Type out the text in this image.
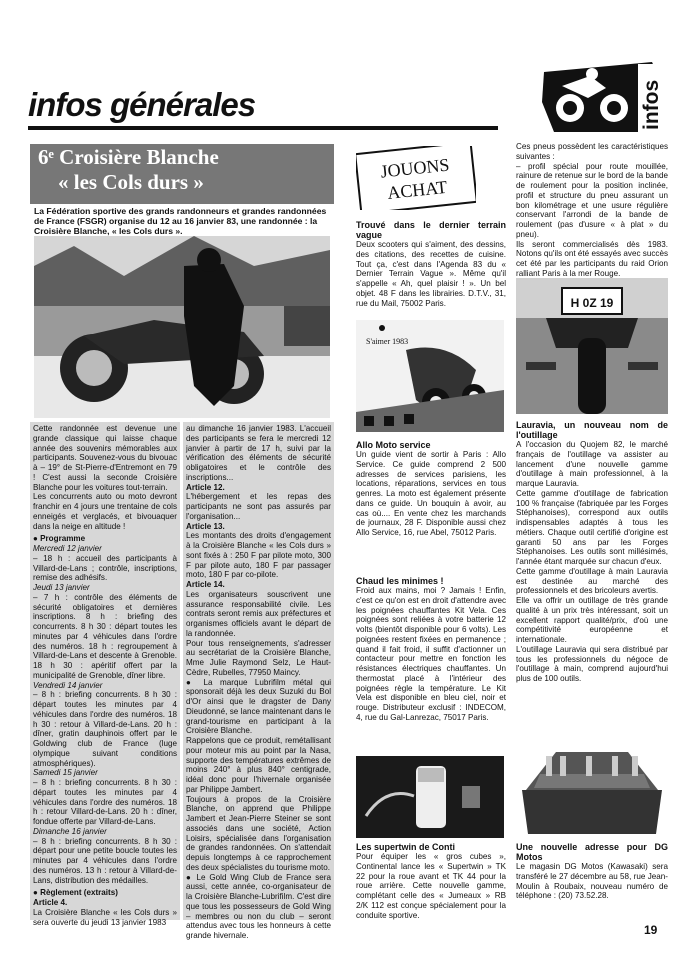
infos générales	infos
6ᵉ Croisière Blanche
« les Cols durs »
La Fédération sportive des grands randonneurs et grandes randonnées de France (FSGR) organise du 12 au 16 janvier 83, une randonnée : la Croisière Blanche, « les Cols durs ».

Cette randonnée est devenue une grande classique qui laisse chaque année des souvenirs mémorables aux participants. Souvenez-vous du bivouac à – 19° de St-Pierre-d'Entremont en 79 ! C'est aussi la seconde Croisière Blanche pour les voitures tout-terrain.

Les concurrents auto ou moto devront franchir en 4 jours une trentaine de cols enneigés et verglacés, et bivouaquer dans la neige en altitude !

● Programme

Mercredi 12 janvier

– 18 h : accueil des participants à Villard-de-Lans ; contrôle, inscriptions, remise des adhésifs.

Jeudi 13 janvier

– 7 h : contrôle des éléments de sécurité obligatoires et dernières inscriptions. 8 h : briefing des concurrents. 8 h 30 : départ toutes les minutes par 4 véhicules dans l'ordre des numéros. 18 h : regroupement à Villard-de-Lans et descente à Grenoble. 18 h 30 : apéritif offert par la municipalité de Grenoble, dîner libre.

Vendredi 14 janvier

– 8 h : briefing concurrents. 8 h 30 : départ toutes les minutes par 4 véhicules dans l'ordre des numéros. 18 h 30 : retour à Villard-de-Lans. 20 h : dîner, gratin dauphinois offert par le Goldwing club de France (luge olympique suivant conditions atmosphériques).

Samedi 15 janvier

– 8 h : briefing concurrents. 8 h 30 : départ toutes les minutes par 4 véhicules dans l'ordre des numéros. 18 h : retour Villard-de-Lans. 20 h : dîner, fondue offerte par Villard-de-Lans.

Dimanche 16 janvier

– 8 h : briefing concurrents. 8 h 30 : départ pour une petite boucle toutes les minutes par 4 véhicules dans l'ordre des numéros. 13 h : retour à Villard-de-Lans, distribution des médailles.

● Règlement (extraits)

Article 4.

La Croisière Blanche « les Cols durs » sera ouverte du jeudi 13 janvier 1983

au dimanche 16 janvier 1983. L'accueil des participants se fera le mercredi 12 janvier à partir de 17 h, suivi par la vérification des éléments de sécurité obligatoires et le contrôle des inscriptions...

Article 12.

L'hébergement et les repas des participants ne sont pas assurés par l'organisation...

Article 13.

Les montants des droits d'engagement à la Croisière Blanche « les Cols durs » sont fixés à : 250 F par pilote moto, 300 F par pilote auto, 180 F par passager moto, 180 F par co-pilote.

Article 14.

Les organisateurs souscrivent une assurance responsabilité civile. Les contrats seront remis aux préfectures et organismes officiels avant le départ de la randonnée.

Pour tous renseignements, s'adresser au secrétariat de la Croisière Blanche, Mme Julie Raymond Selz, Le Haut-Cèdre, Rubelles, 77950 Maincy.

● La marque Lubrifilm métal qui sponsorait déjà les deux Suzuki du Bol d'Or ainsi que le dragster de Dany Dieudonné, se lance maintenant dans le grand-tourisme en participant à la Croisière Blanche.

Rappelons que ce produit, remétallisant pour moteur mis au point par la Nasa, supporte des températures extrêmes de moins 240° à plus 840° centigrade, idéal donc pour l'hivernale organisée par Philippe Jambert.

Toujours à propos de la Croisière Blanche, on apprend que Philippe Jambert et Jean-Pierre Steiner se sont associés dans une société, Action Loisirs, spécialisée dans l'organisation de grandes randonnées. On s'attendait depuis longtemps à ce rapprochement des deux spécialistes du tourisme moto.

● Le Gold Wing Club de France sera aussi, cette année, co-organisateur de la Croisière Blanche-Lubrifilm. C'est dire que tous les possesseurs de Gold Wing – membres ou non du club – seront attendus avec tous les honneurs à cette grande hivernale.

JOUONS
ACHAT

Trouvé dans le dernier terrain vague

Deux scooters qui s'aiment, des dessins, des citations, des recettes de cuisine. Tout ça, c'est dans l'Agenda 83 du « Dernier Terrain Vague ». Même qu'il s'appelle « Ah, quel plaisir ! ». Un bel objet. 48 F dans les librairies. D.T.V., 31, rue du Mail, 75002 Paris.

S'aimer 1983

Allo Moto service

Un guide vient de sortir à Paris : Allo Service. Ce guide comprend 2 500 adresses de services parisiens, les locations, réparations, services en tous genres. La moto est également présente dans ce guide. Un bouquin à avoir, au cas où.... En vente chez les marchands de journaux, 28 F. Disponible aussi chez Allo Service, 16, rue Abel, 75012 Paris.

Chaud les minimes !

Froid aux mains, moi ? Jamais ! Enfin, c'est ce qu'on est en droit d'attendre avec les poignées chauffantes Kit Vela. Ces poignées sont reliées à votre batterie 12 volts (bientôt disponible pour 6 volts). Les poignées restent fixées en permanence ; quand il fait froid, il suffit d'actionner un contacteur pour mettre en fonction les résistances électriques chauffantes. Un thermostat placé à l'intérieur des poignées règle la température. Le Kit Vela est disponible en bleu ciel, noir et rouge. Distributeur exclusif : INDECOM, 4, rue du Gal-Lanrezac, 75017 Paris.

Les supertwin de Conti

Pour équiper les « gros cubes », Continental lance les « Supertwin » TK 22 pour la roue avant et TK 44 pour la roue arrière. Cette nouvelle gamme, complétant celle des « Jumeaux » RB 2/K 112 est conçue spécialement pour la conduite sportive.

Ces pneus possèdent les caractéristiques suivantes :

– profil spécial pour route mouillée, rainure de retenue sur le bord de la bande de roulement pour la position inclinée, profil et structure du pneu assurant un bon kilométrage et une usure régulière conservant l'arrondi de la bande de roulement (pas d'usure « à plat » du pneu).

Ils seront commercialisés dès 1983. Notons qu'ils ont été essayés avec succès cet été par les participants du raid Orion ralliant Paris à la mer Rouge.

H 0Z 19

Lauravia, un nouveau nom de l'outillage

A l'occasion du Quojem 82, le marché français de l'outillage va assister au lancement d'une nouvelle gamme d'outillage à main professionnel, à la marque Lauravia.

Cette gamme d'outillage de fabrication 100 % française (fabriquée par les Forges Stéphanoises), correspond aux outils indispensables adaptés à tous les métiers. Chaque outil certifié d'origine est garanti 50 ans par les Forges Stéphanoises. Les outils sont millésimés, l'année étant marquée sur chacun d'eux.

Cette gamme d'outillage à main Lauravia est destinée au marché des professionnels et des bricoleurs avertis.

Elle va offrir un outillage de très grande qualité à un prix très intéressant, soit un excellent rapport qualité/prix, d'où une compétitivité européenne et internationale.

L'outillage Lauravia qui sera distribué par tous les professionnels du négoce de l'outillage à main, comprend aujourd'hui plus de 100 outils.

Une nouvelle adresse pour DG Motos

Le magasin DG Motos (Kawasaki) sera transféré le 27 décembre au 58, rue Jean-Moulin à Roubaix, nouveau numéro de téléphone : (20) 73.52.28.

19
